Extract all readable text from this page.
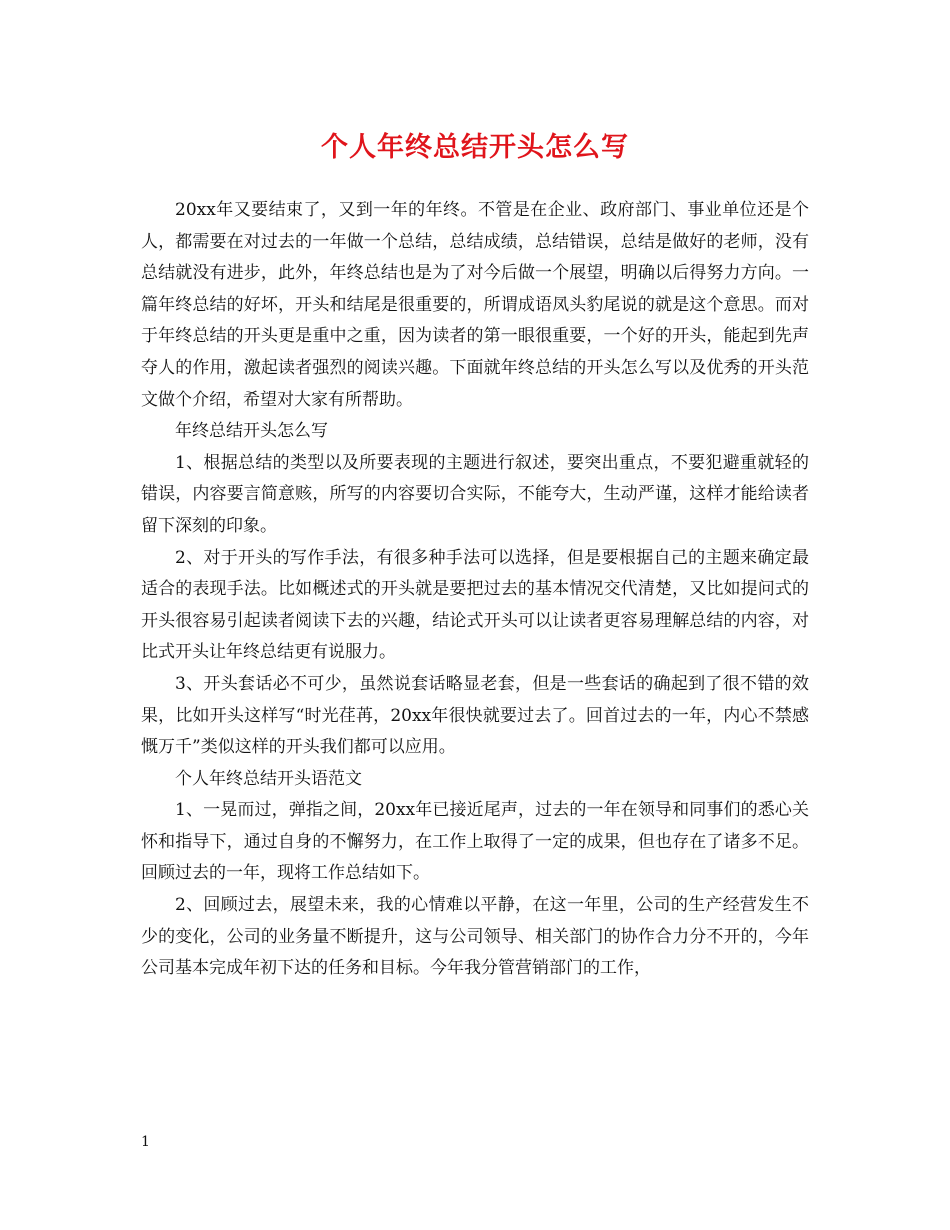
个人年终总结开头怎么写

20xx年又要结束了，又到一年的年终。不管是在企业、政府部门、事业单位还是个人，都需要在对过去的一年做一个总结，总结成绩，总结错误，总结是做好的老师，没有总结就没有进步，此外，年终总结也是为了对今后做一个展望，明确以后得努力方向。一篇年终总结的好坏，开头和结尾是很重要的，所谓成语凤头豹尾说的就是这个意思。而对于年终总结的开头更是重中之重，因为读者的第一眼很重要，一个好的开头，能起到先声夺人的作用，激起读者强烈的阅读兴趣。下面就年终总结的开头怎么写以及优秀的开头范文做个介绍，希望对大家有所帮助。

年终总结开头怎么写

1、根据总结的类型以及所要表现的主题进行叙述，要突出重点，不要犯避重就轻的错误，内容要言简意赅，所写的内容要切合实际，不能夸大，生动严谨，这样才能给读者留下深刻的印象。

2、对于开头的写作手法，有很多种手法可以选择，但是要根据自己的主题来确定最适合的表现手法。比如概述式的开头就是要把过去的基本情况交代清楚，又比如提问式的开头很容易引起读者阅读下去的兴趣，结论式开头可以让读者更容易理解总结的内容，对比式开头让年终总结更有说服力。

3、开头套话必不可少，虽然说套话略显老套，但是一些套话的确起到了很不错的效果，比如开头这样写“时光荏苒，20xx年很快就要过去了。回首过去的一年，内心不禁感慨万千”类似这样的开头我们都可以应用。

个人年终总结开头语范文

1、一晃而过，弹指之间，20xx年已接近尾声，过去的一年在领导和同事们的悉心关怀和指导下，通过自身的不懈努力，在工作上取得了一定的成果，但也存在了诸多不足。回顾过去的一年，现将工作总结如下。

2、回顾过去，展望未来，我的心情难以平静，在这一年里，公司的生产经营发生不少的变化，公司的业务量不断提升，这与公司领导、相关部门的协作合力分不开的，今年公司基本完成年初下达的任务和目标。今年我分管营销部门的工作，

1
